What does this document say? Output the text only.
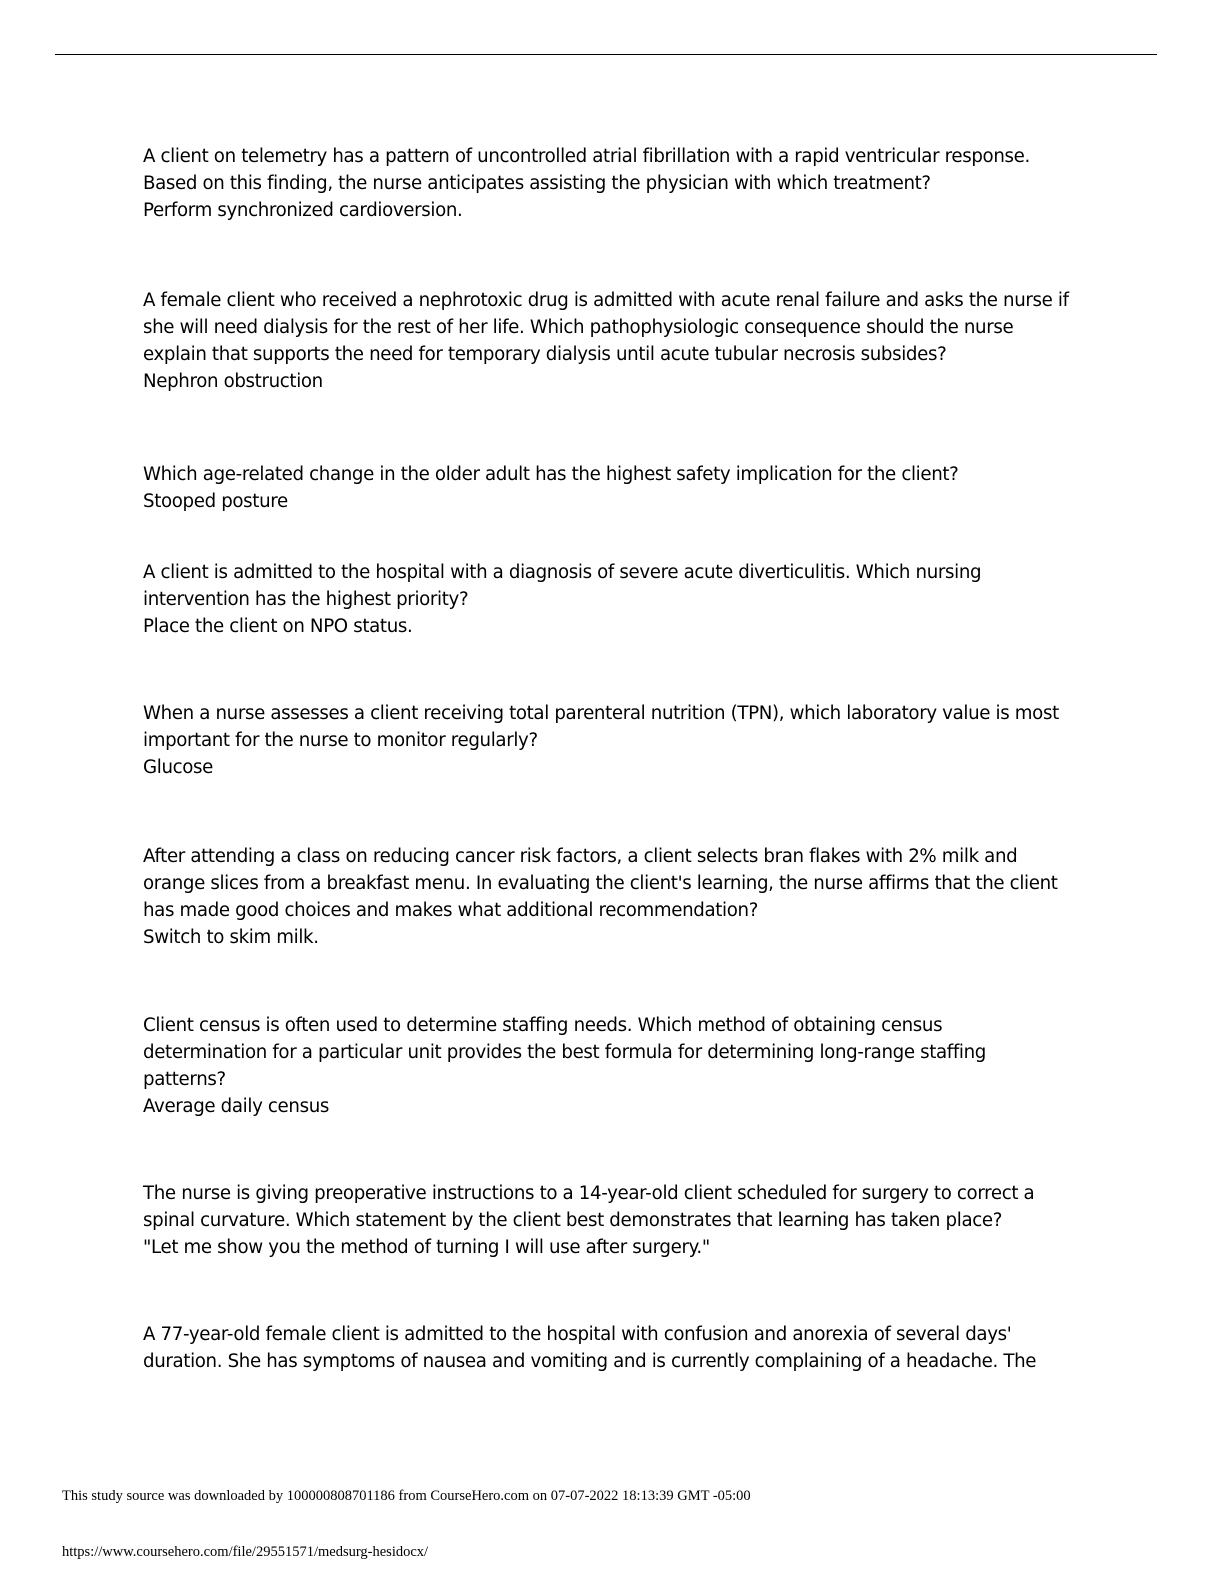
A client on telemetry has a pattern of uncontrolled atrial fibrillation with a rapid ventricular response. Based on this finding, the nurse anticipates assisting the physician with which treatment?

Perform synchronized cardioversion.

A female client who received a nephrotoxic drug is admitted with acute renal failure and asks the nurse if she will need dialysis for the rest of her life. Which pathophysiologic consequence should the nurse explain that supports the need for temporary dialysis until acute tubular necrosis subsides?

Nephron obstruction

Which age-related change in the older adult has the highest safety implication for the client?

Stooped posture

A client is admitted to the hospital with a diagnosis of severe acute diverticulitis. Which nursing intervention has the highest priority?

Place the client on NPO status.

When a nurse assesses a client receiving total parenteral nutrition (TPN), which laboratory value is most important for the nurse to monitor regularly?

Glucose

After attending a class on reducing cancer risk factors, a client selects bran flakes with 2% milk and orange slices from a breakfast menu. In evaluating the client's learning, the nurse affirms that the client has made good choices and makes what additional recommendation?

Switch to skim milk.

Client census is often used to determine staffing needs. Which method of obtaining census determination for a particular unit provides the best formula for determining long-range staffing patterns?

Average daily census

The nurse is giving preoperative instructions to a 14-year-old client scheduled for surgery to correct a spinal curvature. Which statement by the client best demonstrates that learning has taken place?

"Let me show you the method of turning I will use after surgery."

A 77-year-old female client is admitted to the hospital with confusion and anorexia of several days' duration. She has symptoms of nausea and vomiting and is currently complaining of a headache. The

This study source was downloaded by 100000808701186 from CourseHero.com on 07-07-2022 18:13:39 GMT -05:00
https://www.coursehero.com/file/29551571/medsurg-hesidocx/
